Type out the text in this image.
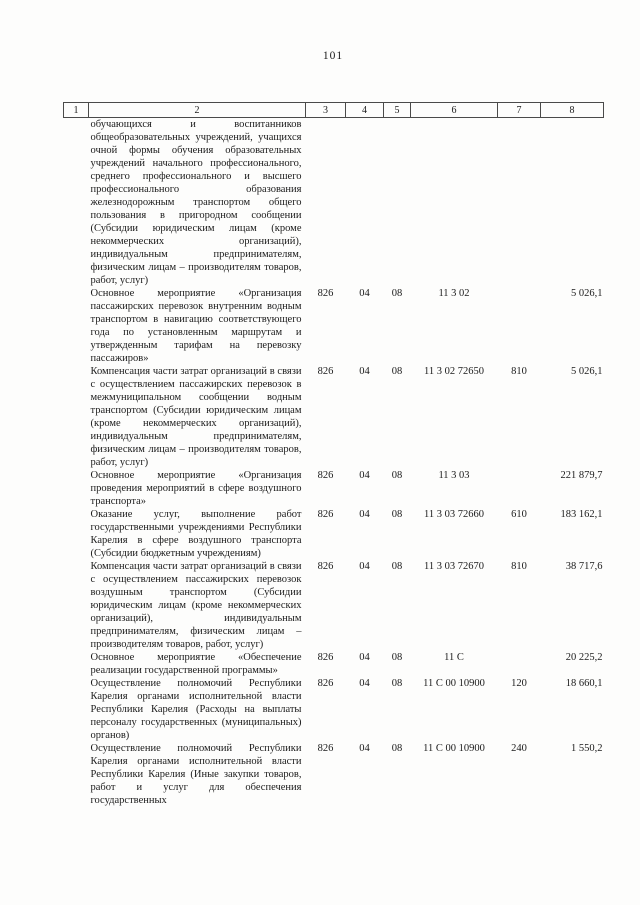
101
1	2	3	4	5	6	7	8
	обучающихся и воспитанников общеобразовательных учреждений, учащихся очной формы обучения образовательных учреждений начального профессионального, среднего профессионального и высшего профессионального образования железнодорожным транспортом общего пользования в пригородном сообщении (Субсидии юридическим лицам (кроме некоммерческих организаций), индивидуальным предпринимателям, физическим лицам – производителям товаров, работ, услуг)						
	Основное мероприятие «Организация пассажирских перевозок внутренним водным транспортом в навигацию соответствующего года по установленным маршрутам и утвержденным тарифам на перевозку пассажиров»	826	04	08	11 3 02		5 026,1
	Компенсация части затрат организаций в связи с осуществлением пассажирских перевозок в межмуниципальном сообщении водным транспортом (Субсидии юридическим лицам (кроме некоммерческих организаций), индивидуальным предпринимателям, физическим лицам – производителям товаров, работ, услуг)	826	04	08	11 3 02 72650	810	5 026,1
	Основное мероприятие «Организация проведения мероприятий в сфере воздушного транспорта»	826	04	08	11 3 03		221 879,7
	Оказание услуг, выполнение работ государственными учреждениями Республики Карелия в сфере воздушного транспорта (Субсидии бюджетным учреждениям)	826	04	08	11 3 03 72660	610	183 162,1
	Компенсация части затрат организаций в связи с осуществлением пассажирских перевозок воздушным транспортом (Субсидии юридическим лицам (кроме некоммерческих организаций), индивидуальным предпринимателям, физическим лицам – производителям товаров, работ, услуг)	826	04	08	11 3 03 72670	810	38 717,6
	Основное мероприятие «Обеспечение реализации государственной программы»	826	04	08	11 С		20 225,2
	Осуществление полномочий Республики Карелия органами исполнительной власти Республики Карелия (Расходы на выплаты персоналу государственных (муниципальных) органов)	826	04	08	11 С 00 10900	120	18 660,1
	Осуществление полномочий Республики Карелия органами исполнительной власти Республики Карелия (Иные закупки товаров, работ и услуг для обеспечения государственных	826	04	08	11 С 00 10900	240	1 550,2
